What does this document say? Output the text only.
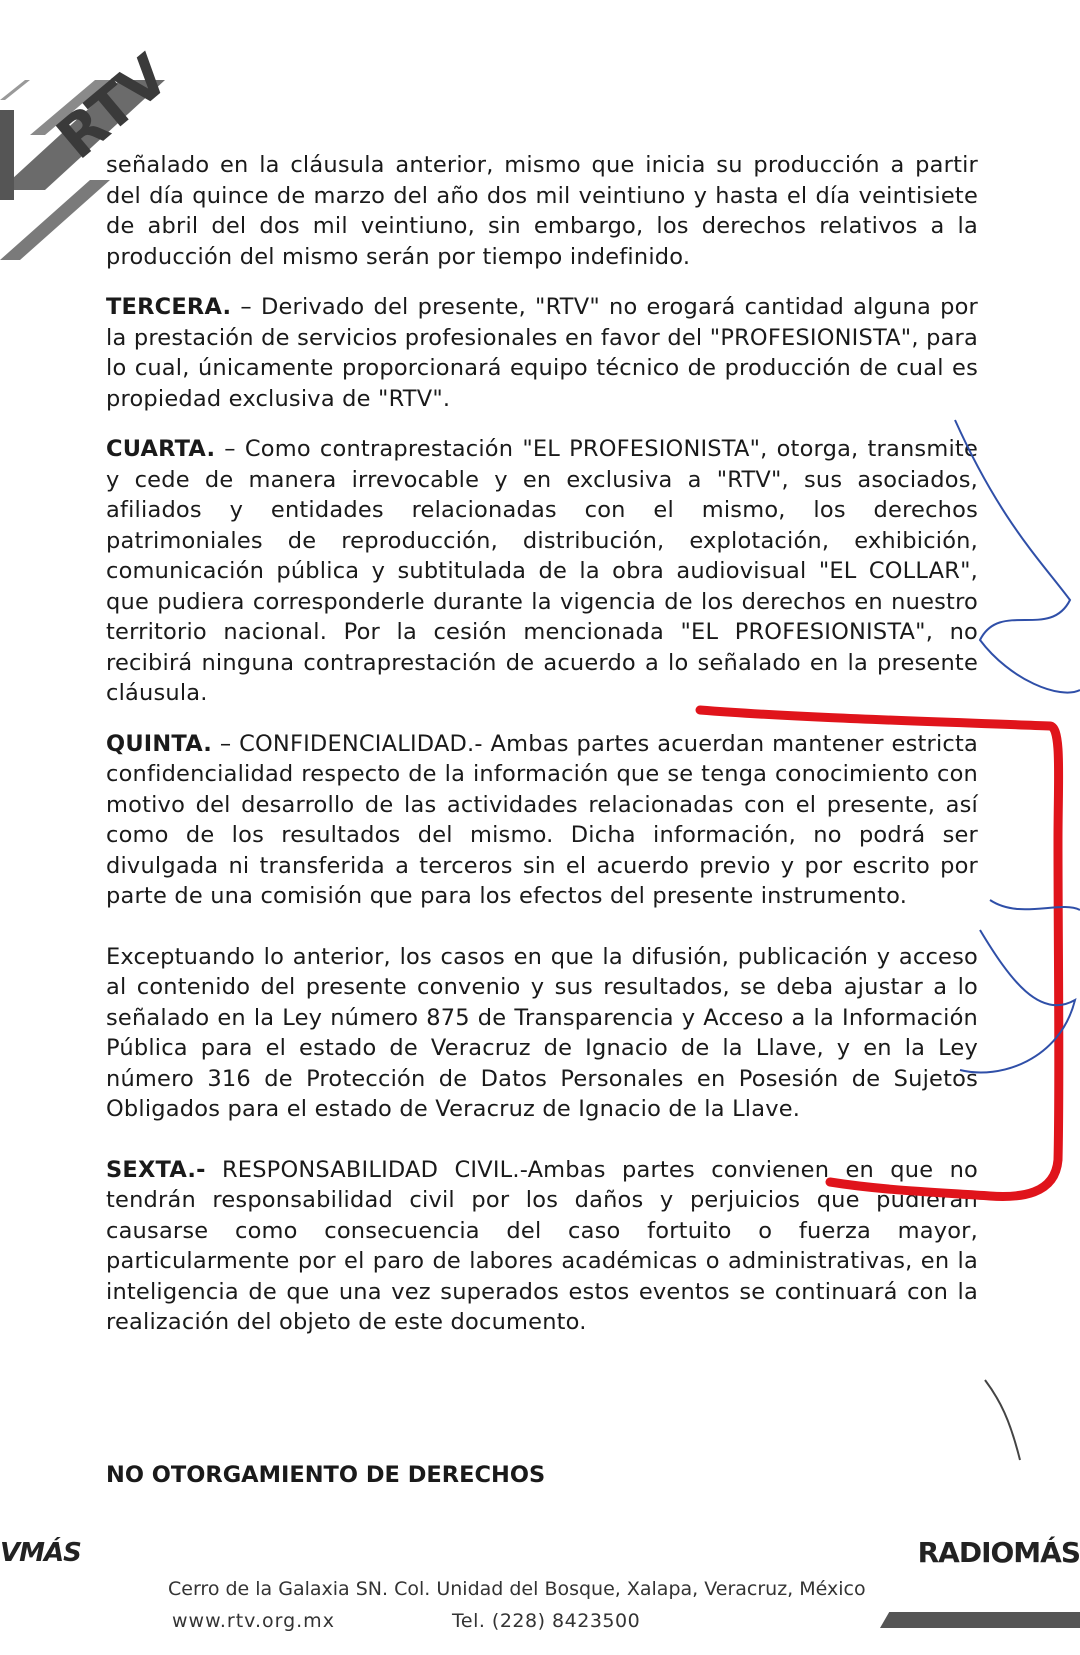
RTV

señalado en la cláusula anterior, mismo que inicia su producción a partir del día quince de marzo del año dos mil veintiuno y hasta el día veintisiete de abril del dos mil veintiuno, sin embargo, los derechos relativos a la producción del mismo serán por tiempo indefinido.

TERCERA. – Derivado del presente, "RTV" no erogará cantidad alguna por la prestación de servicios profesionales en favor del "PROFESIONISTA", para lo cual, únicamente proporcionará equipo técnico de producción de cual es propiedad exclusiva de "RTV".

CUARTA. – Como contraprestación "EL PROFESIONISTA", otorga, transmite y cede de manera irrevocable y en exclusiva a "RTV", sus asociados, afiliados y entidades relacionadas con el mismo, los derechos patrimoniales de reproducción, distribución, explotación, exhibición, comunicación pública y subtitulada de la obra audiovisual "EL COLLAR", que pudiera corresponderle durante la vigencia de los derechos en nuestro territorio nacional. Por la cesión mencionada "EL PROFESIONISTA", no recibirá ninguna contraprestación de acuerdo a lo señalado en la presente cláusula.

QUINTA. – CONFIDENCIALIDAD.- Ambas partes acuerdan mantener estricta confidencialidad respecto de la información que se tenga conocimiento con motivo del desarrollo de las actividades relacionadas con el presente, así como de los resultados del mismo. Dicha información, no podrá ser divulgada ni transferida a terceros sin el acuerdo previo y por escrito por parte de una comisión que para los efectos del presente instrumento.

Exceptuando lo anterior, los casos en que la difusión, publicación y acceso al contenido del presente convenio y sus resultados, se deba ajustar a lo señalado en la Ley número 875 de Transparencia y Acceso a la Información Pública para el estado de Veracruz de Ignacio de la Llave, y en la Ley número 316 de Protección de Datos Personales en Posesión de Sujetos Obligados para el estado de Veracruz de Ignacio de la Llave.

SEXTA.- RESPONSABILIDAD CIVIL.-Ambas partes convienen en que no tendrán responsabilidad civil por los daños y perjuicios que pudieran causarse como consecuencia del caso fortuito o fuerza mayor, particularmente por el paro de labores académicas o administrativas, en la inteligencia de que una vez superados estos eventos se continuará con la realización del objeto de este documento.

NO OTORGAMIENTO DE DERECHOS
VMÁS	RADIOMÁS
Cerro de la Galaxia SN. Col. Unidad del Bosque, Xalapa, Veracruz, México
www.rtv.org.mx	Tel. (228) 8423500
